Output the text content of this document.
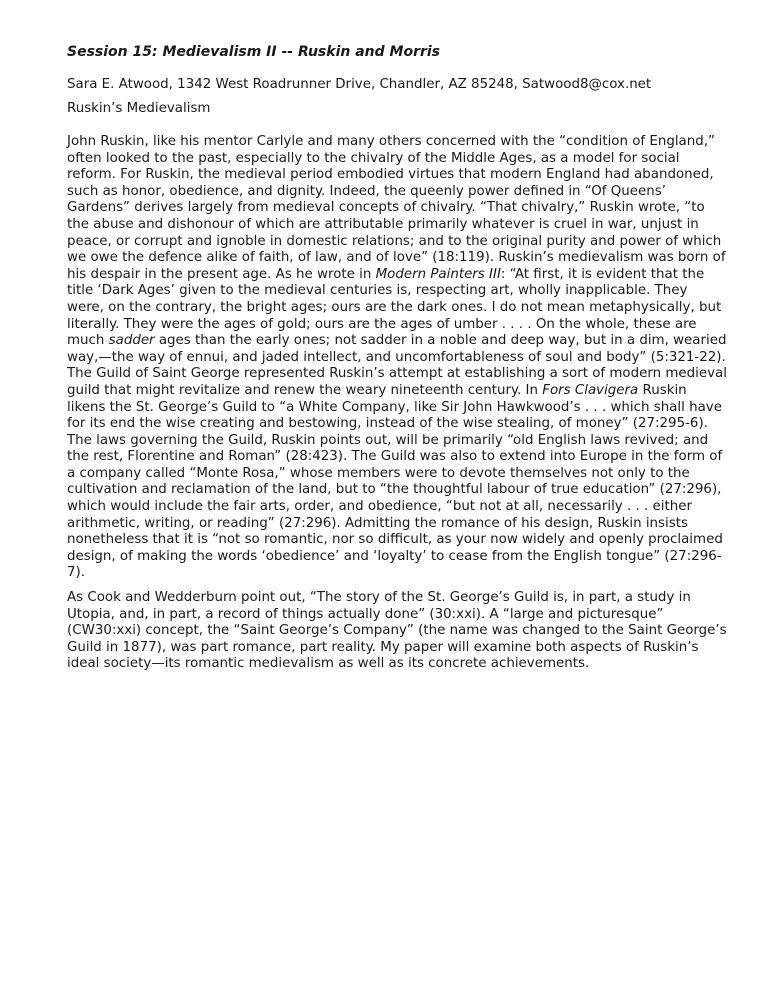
Session 15: Medievalism II -- Ruskin and Morris
Sara E. Atwood, 1342 West Roadrunner Drive, Chandler, AZ 85248, Satwood8@cox.net
Ruskin’s Medievalism

John Ruskin, like his mentor Carlyle and many others concerned with the “condition of England,” often looked to the past, especially to the chivalry of the Middle Ages, as a model for social reform. For Ruskin, the medieval period embodied virtues that modern England had abandoned, such as honor, obedience, and dignity. Indeed, the queenly power defined in “Of Queens’ Gardens” derives largely from medieval concepts of chivalry. “That chivalry,” Ruskin wrote, “to the abuse and dishonour of which are attributable primarily whatever is cruel in war, unjust in peace, or corrupt and ignoble in domestic relations; and to the original purity and power of which we owe the defence alike of faith, of law, and of love” (18:119). Ruskin’s medievalism was born of his despair in the present age. As he wrote in Modern Painters III: “At first, it is evident that the title ‘Dark Ages’ given to the medieval centuries is, respecting art, wholly inapplicable. They were, on the contrary, the bright ages; ours are the dark ones. I do not mean metaphysically, but literally. They were the ages of gold; ours are the ages of umber . . . . On the whole, these are much sadder ages than the early ones; not sadder in a noble and deep way, but in a dim, wearied way,—the way of ennui, and jaded intellect, and uncomfortableness of soul and body” (5:321-22). The Guild of Saint George represented Ruskin’s attempt at establishing a sort of modern medieval guild that might revitalize and renew the weary nineteenth century. In Fors Clavigera Ruskin likens the St. George’s Guild to “a White Company, like Sir John Hawkwood’s . . . which shall have for its end the wise creating and bestowing, instead of the wise stealing, of money” (27:295-6). The laws governing the Guild, Ruskin points out, will be primarily “old English laws revived; and the rest, Florentine and Roman” (28:423). The Guild was also to extend into Europe in the form of a company called “Monte Rosa,” whose members were to devote themselves not only to the cultivation and reclamation of the land, but to “the thoughtful labour of true education” (27:296), which would include the fair arts, order, and obedience, “but not at all, necessarily . . . either arithmetic, writing, or reading” (27:296). Admitting the romance of his design, Ruskin insists nonetheless that it is “not so romantic, nor so difficult, as your now widely and openly proclaimed design, of making the words ‘obedience’ and ‘loyalty’ to cease from the English tongue” (27:296-7).

As Cook and Wedderburn point out, “The story of the St. George’s Guild is, in part, a study in Utopia, and, in part, a record of things actually done” (30:xxi). A “large and picturesque” (CW30:xxi) concept, the “Saint George’s Company” (the name was changed to the Saint George’s Guild in 1877), was part romance, part reality. My paper will examine both aspects of Ruskin’s ideal society—its romantic medievalism as well as its concrete achievements.
